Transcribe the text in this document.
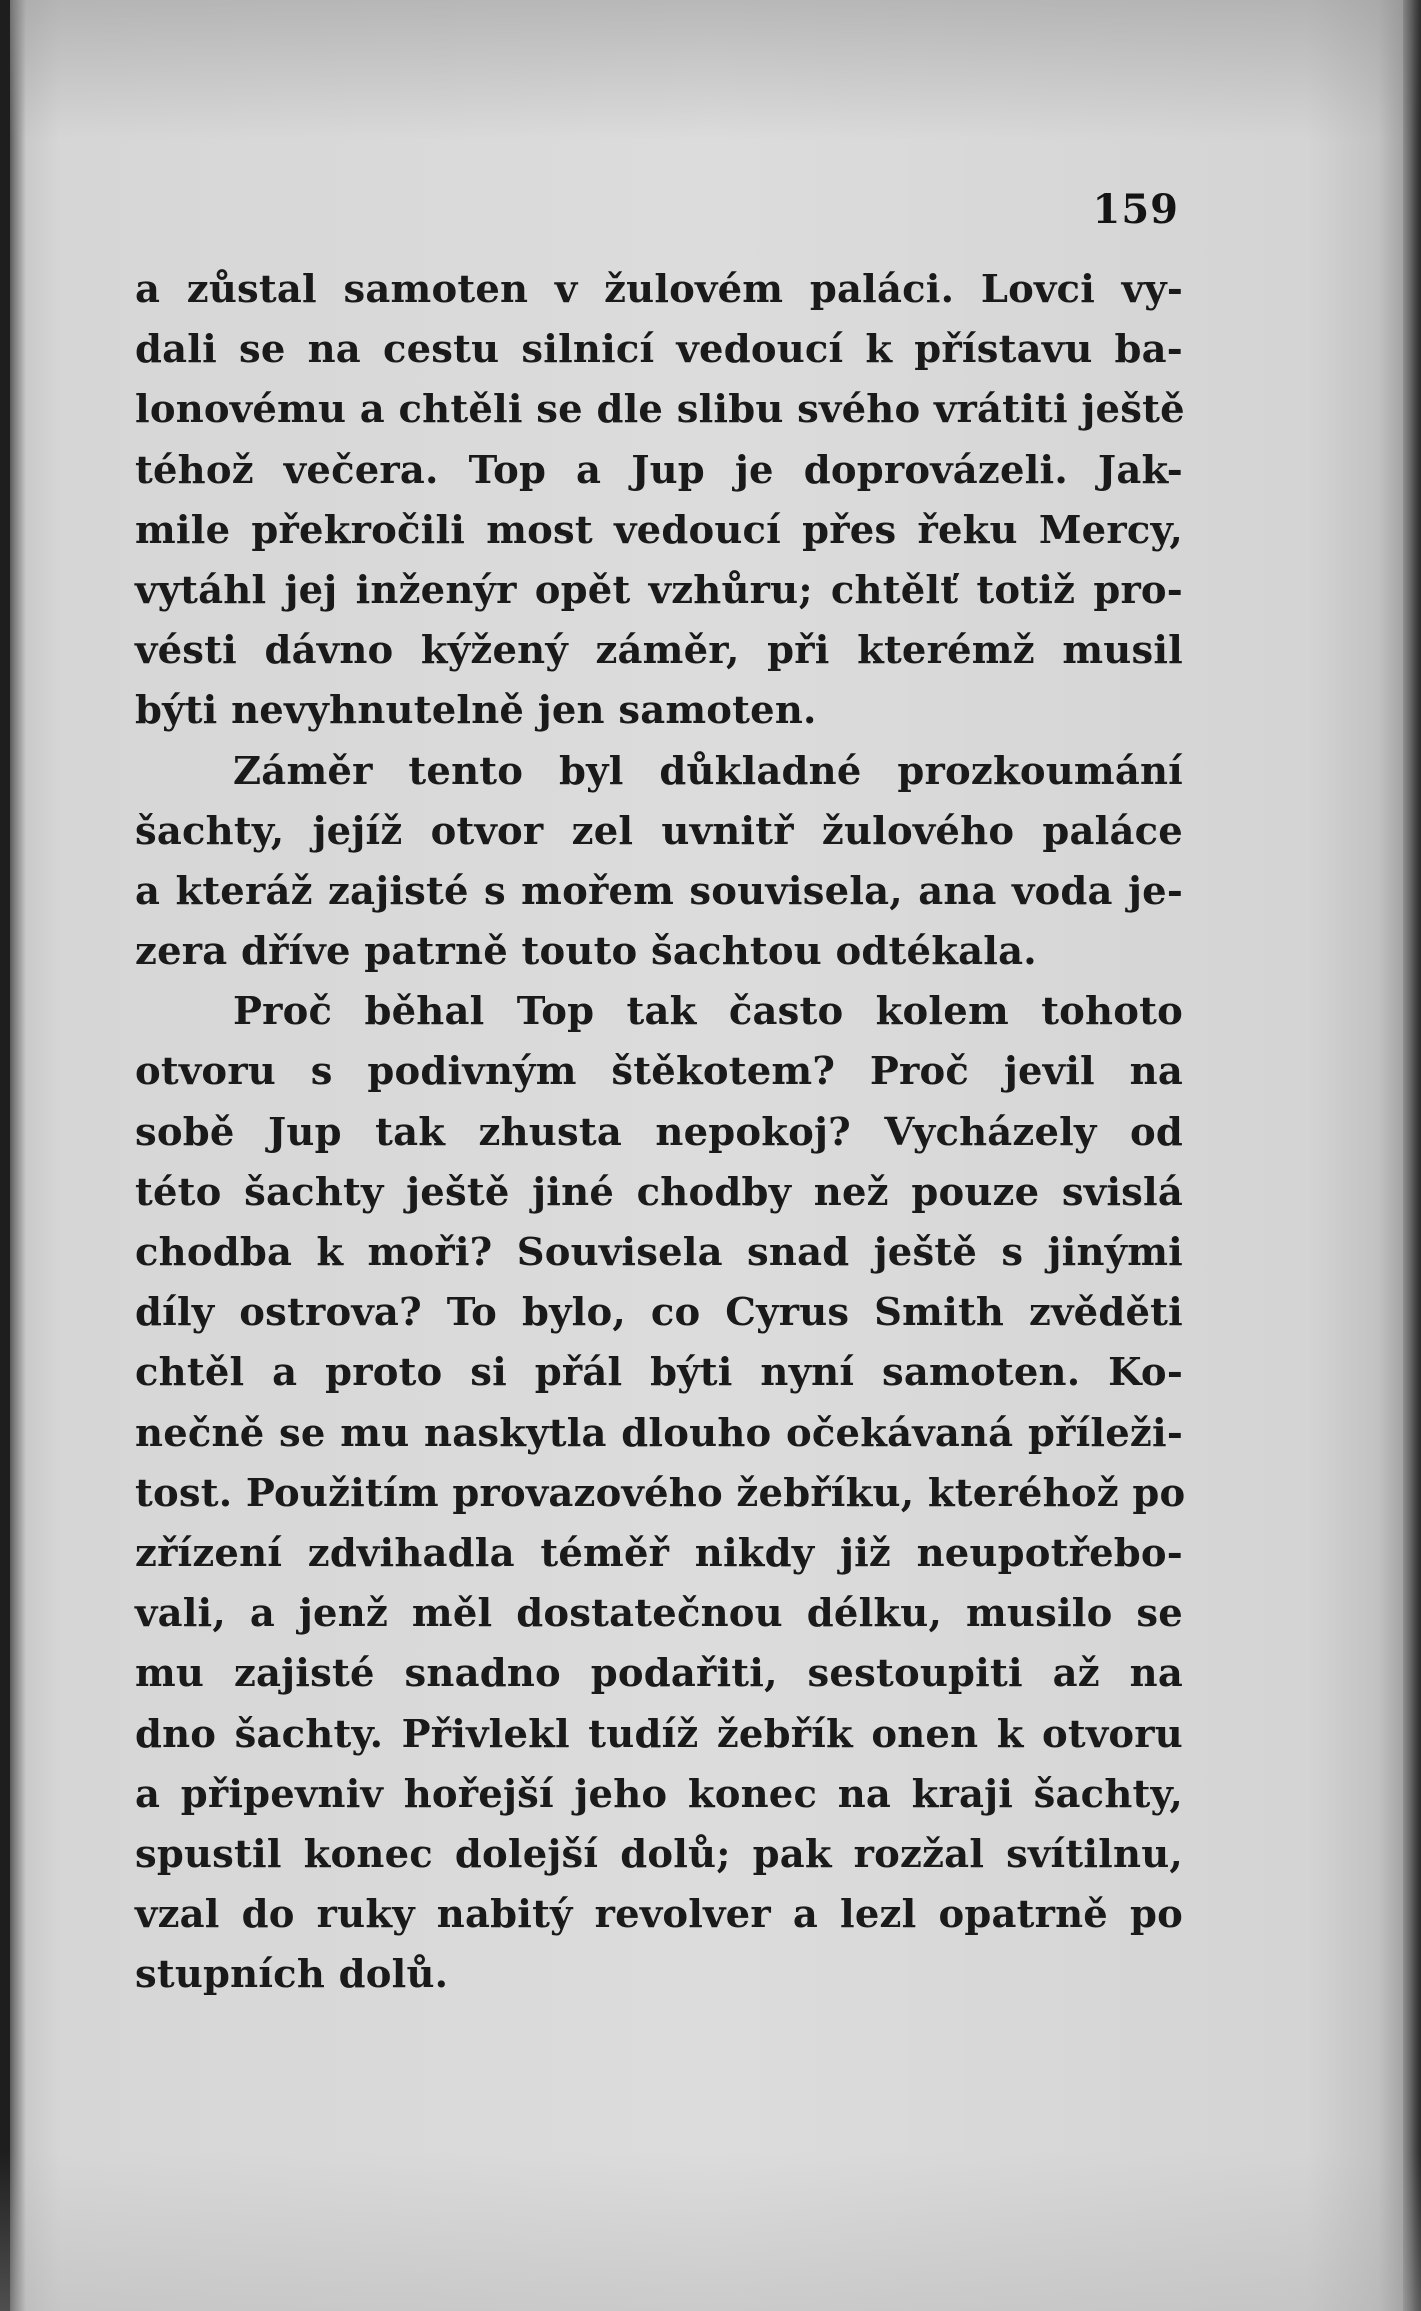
159
a zůstal samoten v žulovém paláci. Lovci vy-
dali se na cestu silnicí vedoucí k přístavu ba-
lonovému a chtěli se dle slibu svého vrátiti ještě
téhož večera. Top a Jup je doprovázeli. Jak-
mile překročili most vedoucí přes řeku Mercy,
vytáhl jej inženýr opět vzhůru; chtělť totiž pro-
vésti dávno kýžený záměr, při kterémž musil
býti nevyhnutelně jen samoten.
Záměr tento byl důkladné prozkoumání
šachty, jejíž otvor zel uvnitř žulového paláce
a kteráž zajisté s mořem souvisela, ana voda je-
zera dříve patrně touto šachtou odtékala.
Proč běhal Top tak často kolem tohoto
otvoru s podivným štěkotem? Proč jevil na
sobě Jup tak zhusta nepokoj? Vycházely od
této šachty ještě jiné chodby než pouze svislá
chodba k moři? Souvisela snad ještě s jinými
díly ostrova? To bylo, co Cyrus Smith zvěděti
chtěl a proto si přál býti nyní samoten. Ko-
nečně se mu naskytla dlouho očekávaná příleži-
tost. Použitím provazového žebříku, kteréhož po
zřízení zdvihadla téměř nikdy již neupotřebo-
vali, a jenž měl dostatečnou délku, musilo se
mu zajisté snadno podařiti, sestoupiti až na
dno šachty. Přivlekl tudíž žebřík onen k otvoru
a připevniv hořejší jeho konec na kraji šachty,
spustil konec dolejší dolů; pak rozžal svítilnu,
vzal do ruky nabitý revolver a lezl opatrně po
stupních dolů.
